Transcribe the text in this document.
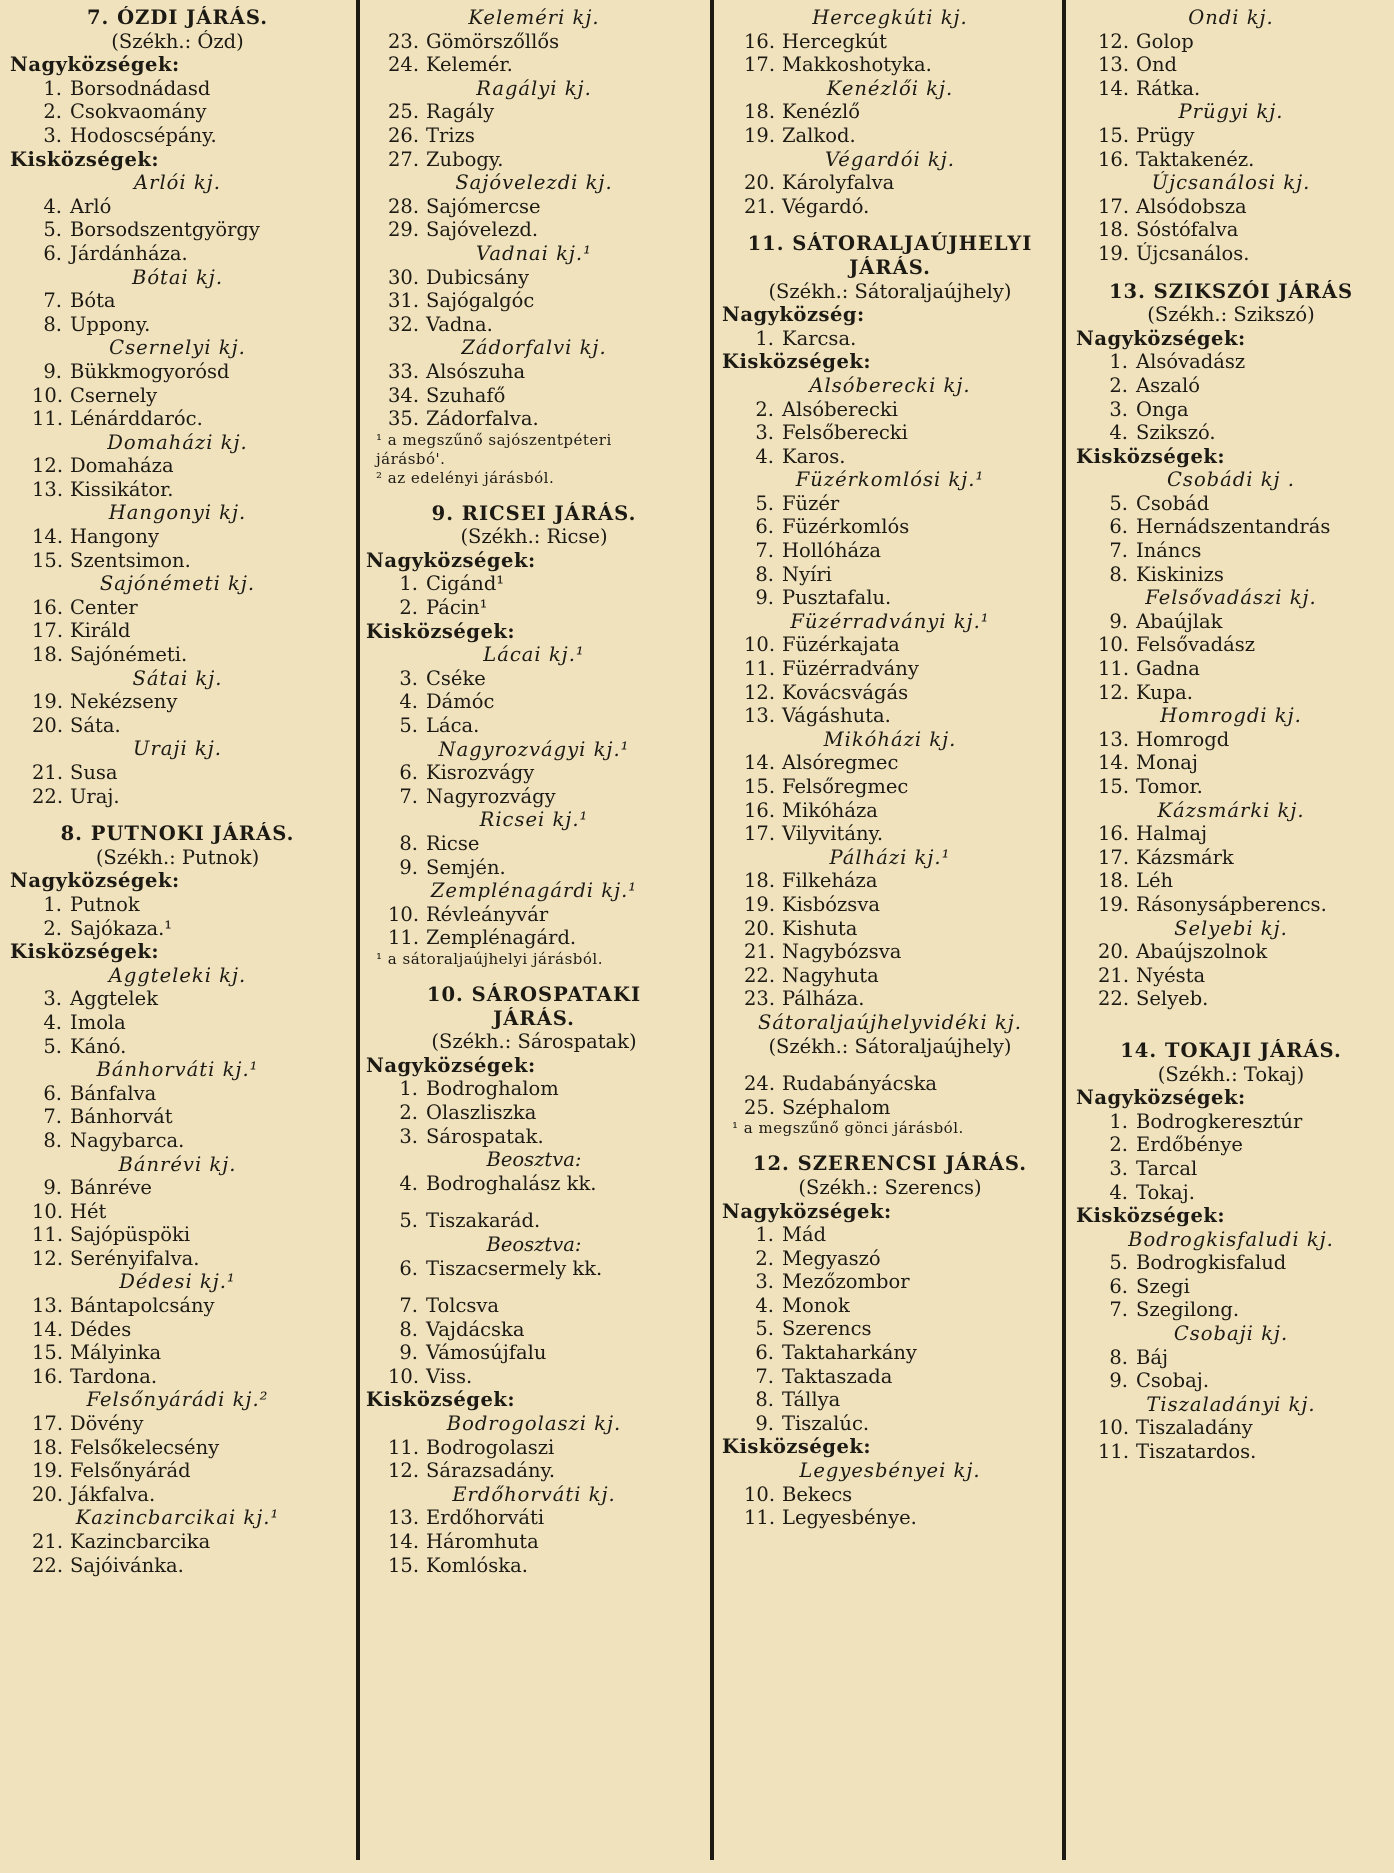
7. ÓZDI JÁRÁS.
(Székh.: Ózd)
Nagyközségek:
1. Borsodnádasd
2. Csokvaomány
3. Hodoscsépány.
Kisközségek:
Arlói kj.
4. Arló
5. Borsodszentgyörgy
6. Járdánháza.
Bótai kj.
7. Bóta
8. Uppony.
Csernelyi kj.
9. Bükkmogyorósd
10. Csernely
11. Lénárddaróc.
Domaházi kj.
12. Domaháza
13. Kissikátor.
Hangonyi kj.
14. Hangony
15. Szentsimon.
Sajónémeti kj.
16. Center
17. Királd
18. Sajónémeti.
Sátai kj.
19. Nekézseny
20. Sáta.
Uraji kj.
21. Susa
22. Uraj.
8. PUTNOKI JÁRÁS.
(Székh.: Putnok)
Nagyközségek:
1. Putnok
2. Sajókaza.¹
Kisközségek:
Aggteleki kj.
3. Aggtelek
4. Imola
5. Kánó.
Bánhorváti kj.¹
6. Bánfalva
7. Bánhorvát
8. Nagybarca.
Bánrévi kj.
9. Bánréve
10. Hét
11. Sajópüspöki
12. Serényifalva.
Dédesi kj.¹
13. Bántapolcsány
14. Dédes
15. Mályinka
16. Tardona.
Felsőnyárádi kj.²
17. Dövény
18. Felsőkelecsény
19. Felsőnyárád
20. Jákfalva.
Kazincbarcikai kj.¹
21. Kazincbarcika
22. Sajóivánka.
Keleméri kj.
23. Gömörszőllős
24. Kelemér.
Ragályi kj.
25. Ragály
26. Trizs
27. Zubogy.
Sajóvelezdi kj.
28. Sajómercse
29. Sajóvelezd.
Vadnai kj.¹
30. Dubicsány
31. Sajógalgóc
32. Vadna.
Zádorfalvi kj.
33. Alsószuha
34. Szuhafő
35. Zádorfalva.
¹ a megszűnő sajószentpéteri
járásbó'.
² az edelényi járásból.
9. RICSEI JÁRÁS.
(Székh.: Ricse)
Nagyközségek:
1. Cigánd¹
2. Pácin¹
Kisközségek:
Lácai kj.¹
3. Cséke
4. Dámóc
5. Láca.
Nagyrozvágyi kj.¹
6. Kisrozvágy
7. Nagyrozvágy
Ricsei kj.¹
8. Ricse
9. Semjén.
Zemplénagárdi kj.¹
10. Révleányvár
11. Zemplénagárd.
¹ a sátoraljaújhelyi járásból.
10. SÁROSPATAKI
JÁRÁS.
(Székh.: Sárospatak)
Nagyközségek:
1. Bodroghalom
2. Olaszliszka
3. Sárospatak.
Beosztva:
4. Bodroghalász kk.
5. Tiszakarád.
Beosztva:
6. Tiszacsermely kk.
7. Tolcsva
8. Vajdácska
9. Vámosújfalu
10. Viss.
Kisközségek:
Bodrogolaszi kj.
11. Bodrogolaszi
12. Sárazsadány.
Erdőhorváti kj.
13. Erdőhorváti
14. Háromhuta
15. Komlóska.
Hercegkúti kj.
16. Hercegkút
17. Makkoshotyka.
Kenézlői kj.
18. Kenézlő
19. Zalkod.
Végardói kj.
20. Károlyfalva
21. Végardó.
11. SÁTORALJAÚJHELYI
JÁRÁS.
(Székh.: Sátoraljaújhely)
Nagyközség:
1. Karcsa.
Kisközségek:
Alsóberecki kj.
2. Alsóberecki
3. Felsőberecki
4. Karos.
Füzérkomlósi kj.¹
5. Füzér
6. Füzérkomlós
7. Hollóháza
8. Nyíri
9. Pusztafalu.
Füzérradványi kj.¹
10. Füzérkajata
11. Füzérradvány
12. Kovácsvágás
13. Vágáshuta.
Mikóházi kj.
14. Alsóregmec
15. Felsőregmec
16. Mikóháza
17. Vilyvitány.
Pálházi kj.¹
18. Filkeháza
19. Kisbózsva
20. Kishuta
21. Nagybózsva
22. Nagyhuta
23. Pálháza.
Sátoraljaújhelyvidéki kj.
(Székh.: Sátoraljaújhely)
24. Rudabányácska
25. Széphalom
¹ a megszűnő gönci járásból.
12. SZERENCSI JÁRÁS.
(Székh.: Szerencs)
Nagyközségek:
1. Mád
2. Megyaszó
3. Mezőzombor
4. Monok
5. Szerencs
6. Taktaharkány
7. Taktaszada
8. Tállya
9. Tiszalúc.
Kisközségek:
Legyesbényei kj.
10. Bekecs
11. Legyesbénye.
Ondi kj.
12. Golop
13. Ond
14. Rátka.
Prügyi kj.
15. Prügy
16. Taktakenéz.
Újcsanálosi kj.
17. Alsódobsza
18. Sóstófalva
19. Újcsanálos.
13. SZIKSZÓI JÁRÁS
(Székh.: Szikszó)
Nagyközségek:
1. Alsóvadász
2. Aszaló
3. Onga
4. Szikszó.
Kisközségek:
Csobádi kj .
5. Csobád
6. Hernádszentandrás
7. Ináncs
8. Kiskinizs
Felsővadászi kj.
9. Abaújlak
10. Felsővadász
11. Gadna
12. Kupa.
Homrogdi kj.
13. Homrogd
14. Monaj
15. Tomor.
Kázsmárki kj.
16. Halmaj
17. Kázsmárk
18. Léh
19. Rásonysápberencs.
Selyebi kj.
20. Abaújszolnok
21. Nyésta
22. Selyeb.
14. TOKAJI JÁRÁS.
(Székh.: Tokaj)
Nagyközségek:
1. Bodrogkeresztúr
2. Erdőbénye
3. Tarcal
4. Tokaj.
Kisközségek:
Bodrogkisfaludi kj.
5. Bodrogkisfalud
6. Szegi
7. Szegilong.
Csobaji kj.
8. Báj
9. Csobaj.
Tiszaladányi kj.
10. Tiszaladány
11. Tiszatardos.
